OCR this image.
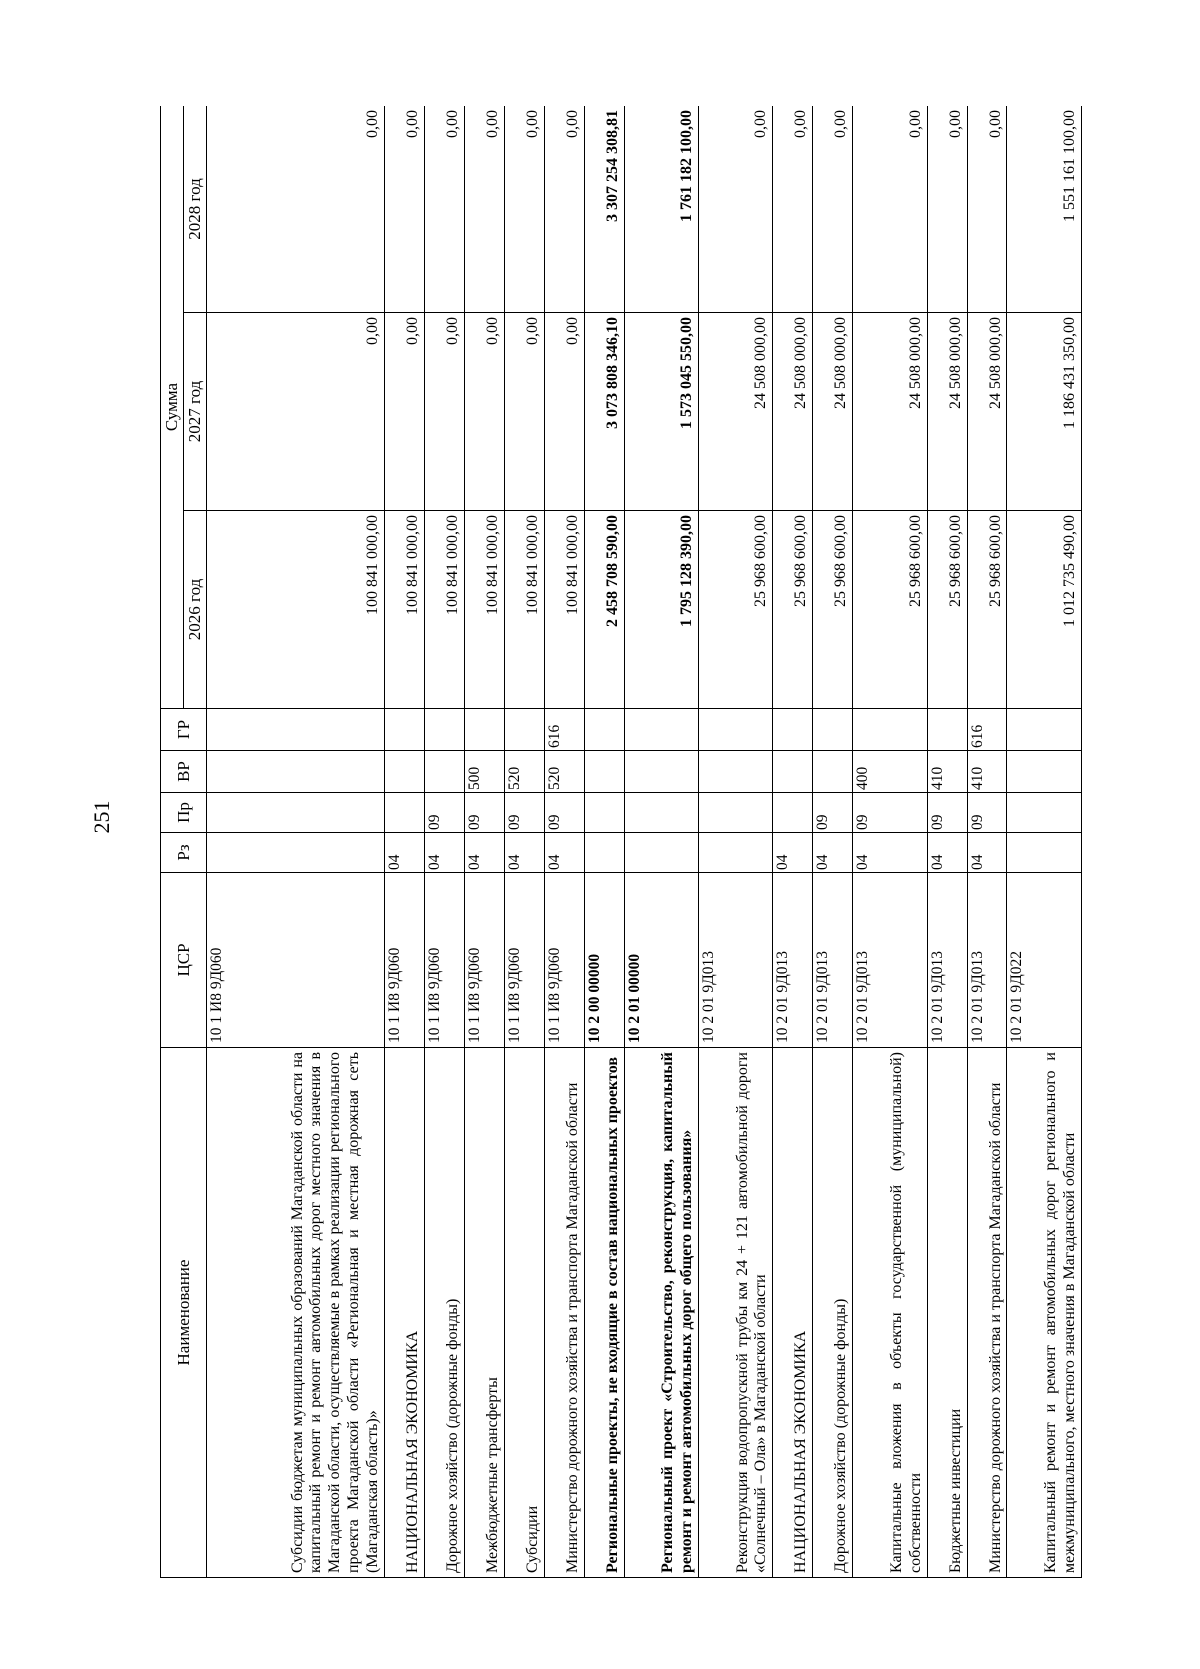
251
Наименование	ЦСР	Рз	Пр	ВР	ГР	Сумма		
						2026 год	2027 год	2028 год
Субсидии бюджетам муниципальных образований Магаданской области на капитальный ремонт и ремонт автомобильных дорог местного значения в Магаданской области, осуществляемые в рамках реализации регионального проекта Магаданской области «Региональная и местная дорожная сеть (Магаданская область)»	10 1 И8 9Д060					100 841 000,00	0,00	0,00
НАЦИОНАЛЬНАЯ ЭКОНОМИКА	10 1 И8 9Д060	04				100 841 000,00	0,00	0,00
Дорожное хозяйство (дорожные фонды)	10 1 И8 9Д060	04	09			100 841 000,00	0,00	0,00
Межбюджетные трансферты	10 1 И8 9Д060	04	09	500		100 841 000,00	0,00	0,00
Субсидии	10 1 И8 9Д060	04	09	520		100 841 000,00	0,00	0,00
Министерство дорожного хозяйства и транспорта Магаданской области	10 1 И8 9Д060	04	09	520	616	100 841 000,00	0,00	0,00
Региональные проекты, не входящие в состав национальных проектов	10 2 00 00000					2 458 708 590,00	3 073 808 346,10	3 307 254 308,81
Региональный проект «Строительство, реконструкция, капитальный ремонт и ремонт автомобильных дорог общего пользования»	10 2 01 00000					1 795 128 390,00	1 573 045 550,00	1 761 182 100,00
Реконструкция водопропускной трубы км 24 + 121 автомобильной дороги «Солнечный – Ола» в Магаданской области	10 2 01 9Д013					25 968 600,00	24 508 000,00	0,00
НАЦИОНАЛЬНАЯ ЭКОНОМИКА	10 2 01 9Д013	04				25 968 600,00	24 508 000,00	0,00
Дорожное хозяйство (дорожные фонды)	10 2 01 9Д013	04	09			25 968 600,00	24 508 000,00	0,00
Капитальные вложения в объекты государственной (муниципальной) собственности	10 2 01 9Д013	04	09	400		25 968 600,00	24 508 000,00	0,00
Бюджетные инвестиции	10 2 01 9Д013	04	09	410		25 968 600,00	24 508 000,00	0,00
Министерство дорожного хозяйства и транспорта Магаданской области	10 2 01 9Д013	04	09	410	616	25 968 600,00	24 508 000,00	0,00
Капитальный ремонт и ремонт автомобильных дорог регионального и межмуниципального, местного значения в Магаданской области	10 2 01 9Д022					1 012 735 490,00	1 186 431 350,00	1 551 161 100,00
